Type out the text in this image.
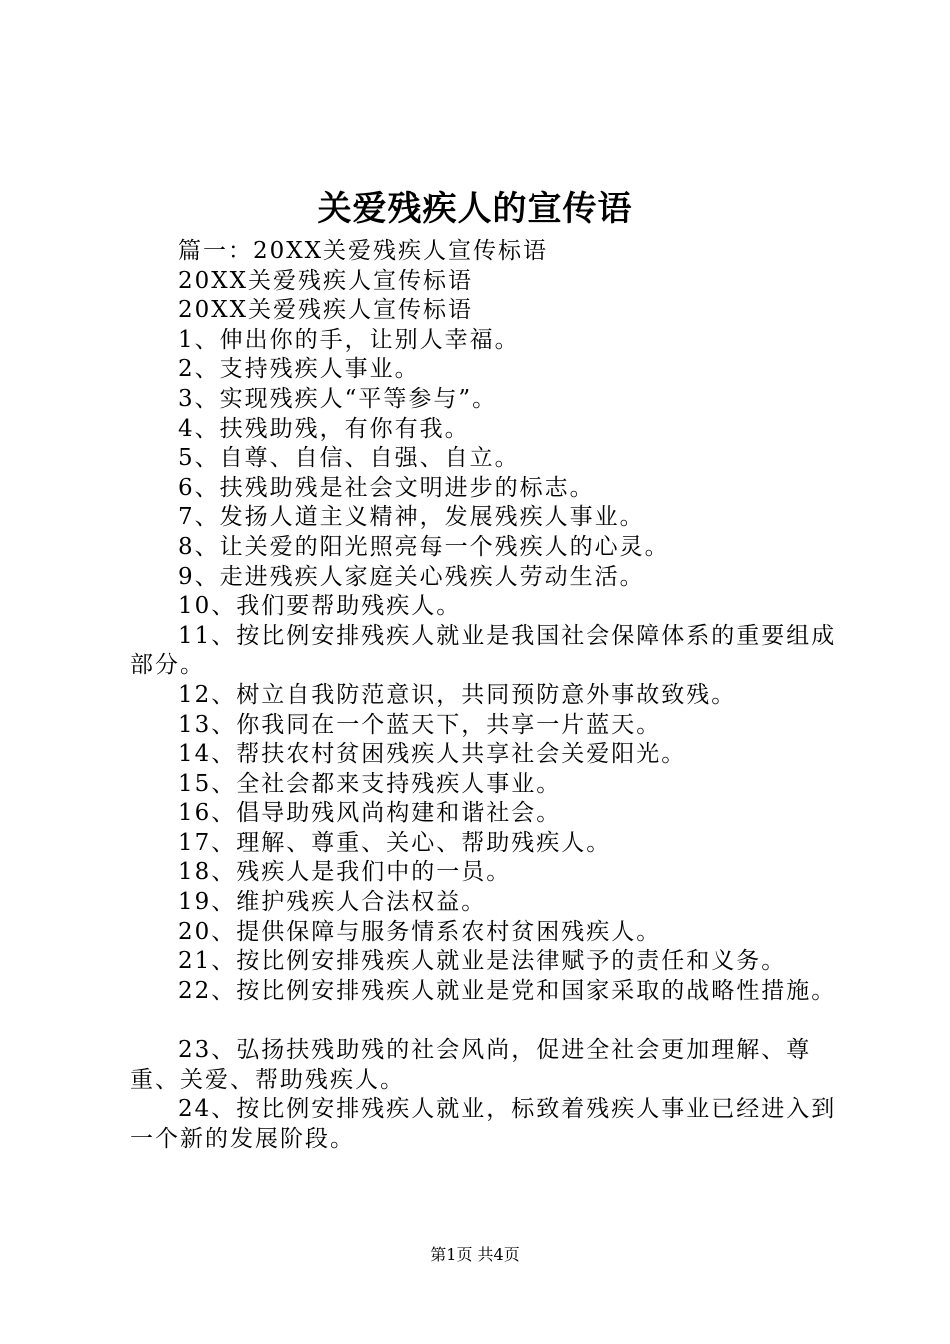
关爱残疾人的宣传语

篇一：20XX关爱残疾人宣传标语

20XX关爱残疾人宣传标语

20XX关爱残疾人宣传标语

1、伸出你的手，让别人幸福。

2、支持残疾人事业。

3、实现残疾人“平等参与”。

4、扶残助残，有你有我。

5、自尊、自信、自强、自立。

6、扶残助残是社会文明进步的标志。

7、发扬人道主义精神，发展残疾人事业。

8、让关爱的阳光照亮每一个残疾人的心灵。

9、走进残疾人家庭关心残疾人劳动生活。

10、我们要帮助残疾人。

11、按比例安排残疾人就业是我国社会保障体系的重要组成部分。

12、树立自我防范意识，共同预防意外事故致残。

13、你我同在一个蓝天下，共享一片蓝天。

14、帮扶农村贫困残疾人共享社会关爱阳光。

15、全社会都来支持残疾人事业。

16、倡导助残风尚构建和谐社会。

17、理解、尊重、关心、帮助残疾人。

18、残疾人是我们中的一员。

19、维护残疾人合法权益。

20、提供保障与服务情系农村贫困残疾人。

21、按比例安排残疾人就业是法律赋予的责任和义务。

22、按比例安排残疾人就业是党和国家采取的战略性措施。

23、弘扬扶残助残的社会风尚，促进全社会更加理解、尊重、关爱、帮助残疾人。

24、按比例安排残疾人就业，标致着残疾人事业已经进入到一个新的发展阶段。

第1页 共4页
